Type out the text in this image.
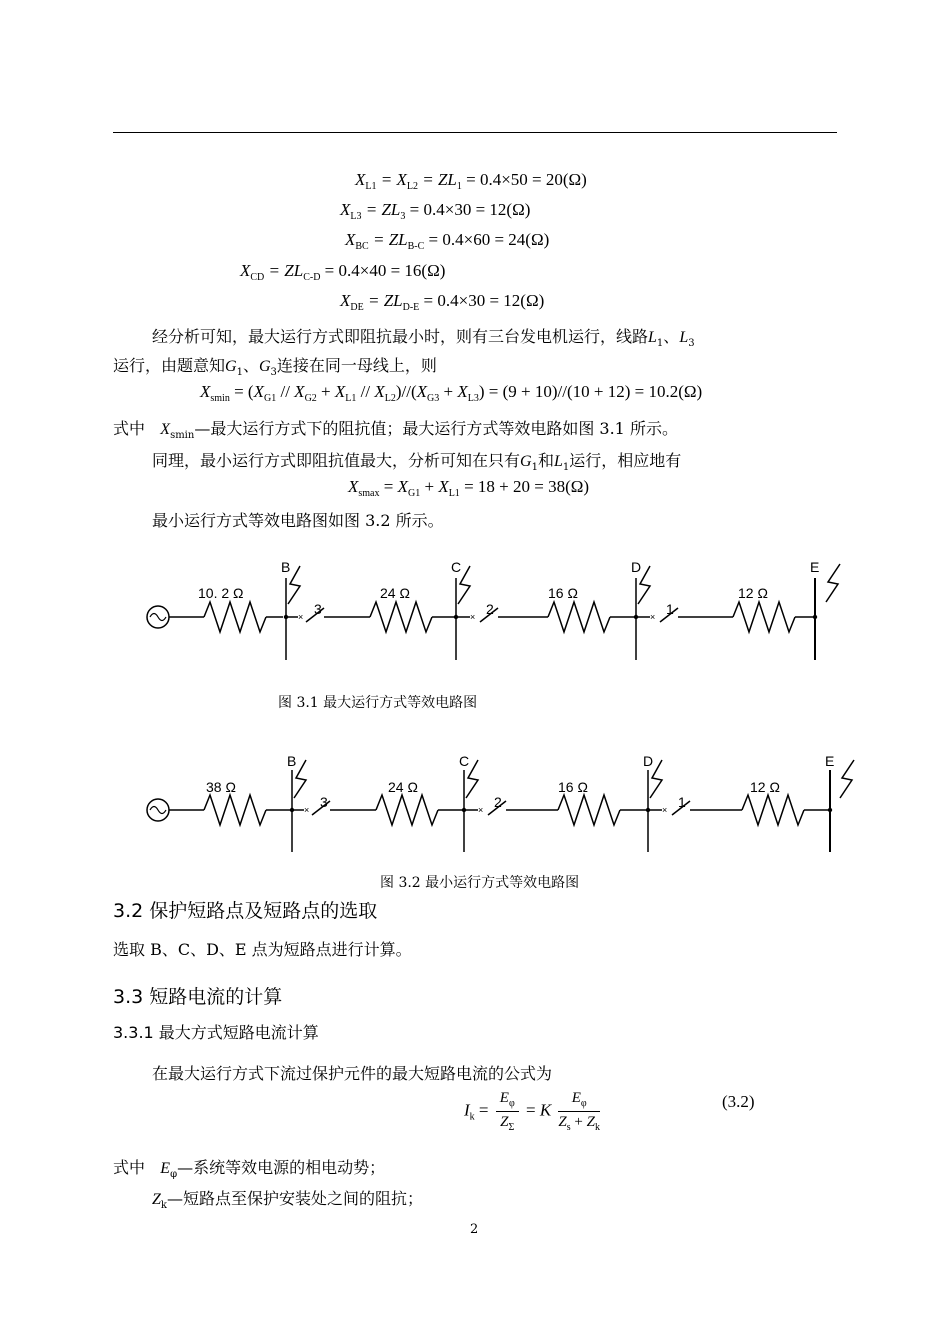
$X_{L1} = X_{L2} = ZL_1 = 0.4\times 50 = 20(\Omega)$
$X_{L3} = ZL_3 = 0.4\times 30 = 12(\Omega)$
$X_{BC} = ZL_{B-C} = 0.4\times 60 = 24(\Omega)$
$X_{CD} = ZL_{C-D} = 0.4\times 40 = 16(\Omega)$
$X_{DE} = ZL_{D-E} = 0.4\times 30 = 12(\Omega)$
经分析可知，最大运行方式即阻抗最小时，则有三台发电机运行，线路$L_1$、$L_3$
运行，由题意知$G_1$、$G_3$连接在同一母线上，则
$X_{smin} = (X_{G1} // X_{G2} + X_{L1} // X_{L2})//(X_{G3} + X_{L3}) = (9 + 10)//(10 + 12) = 10.2(\Omega)$
式中 $X_{smin}—$最大运行方式下的阻抗值；最大运行方式等效电路如图 3.1 所示。
同理，最小运行方式即阻抗值最大，分析可知在只有$G_1$和$L_1$运行，相应地有
$X_{smax} = X_{G1} + X_{L1} = 18 + 20 = 38(\Omega)$
最小运行方式等效电路图如图 3.2 所示。
×	×	×
10. 2 Ω	24 Ω	16 Ω	12 Ω
B	C	D	E
3	2	1
图 3.1 最大运行方式等效电路图
×	×	×
38 Ω	24 Ω	16 Ω	12 Ω
B	C	D	E
3	2	1
图 3.2 最小运行方式等效电路图
3.2 保护短路点及短路点的选取
选取 B、C、D、E 点为短路点进行计算。
3.3 短路电流的计算
3.3.1 最大方式短路电流计算
在最大运行方式下流过保护元件的最大短路电流的公式为
$I_k = \frac{E_\varphi}{Z_\Sigma} = K \frac{E_\varphi}{Z_s + Z_k}$	(3.2)
式中 $E_\varphi—$系统等效电源的相电动势；
$Z_k—$短路点至保护安装处之间的阻抗；
2
